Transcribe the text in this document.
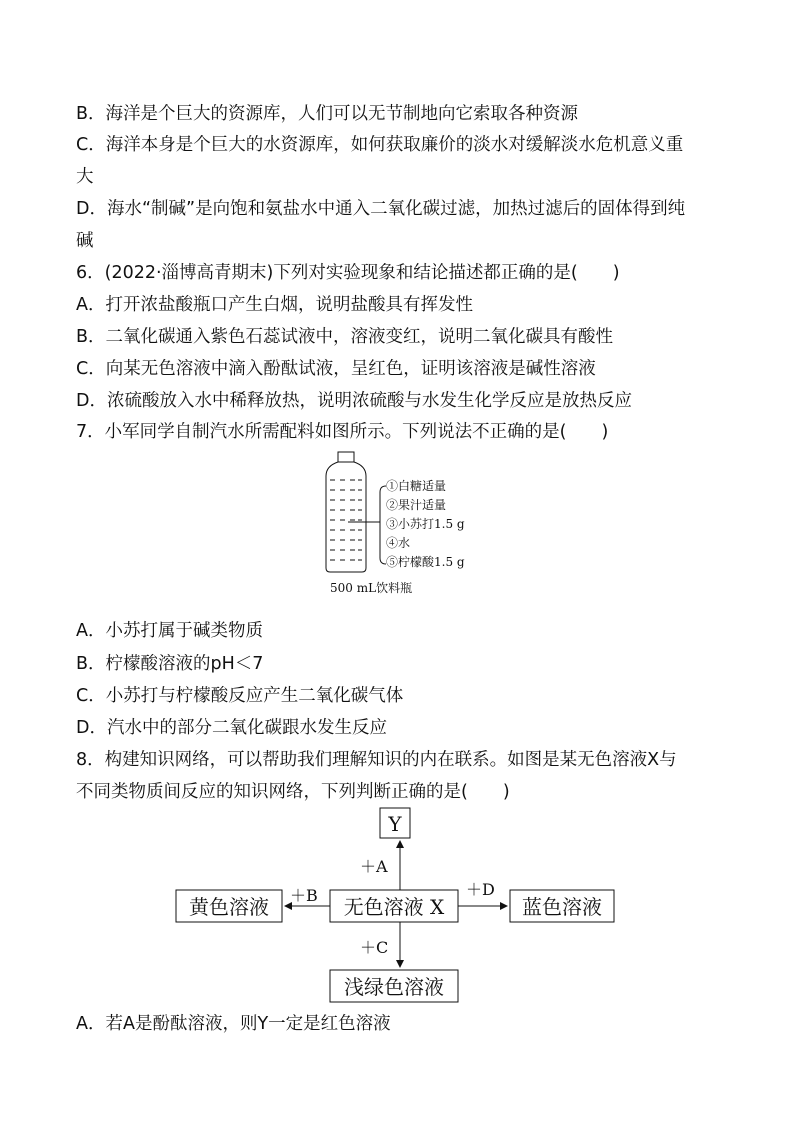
B．海洋是个巨大的资源库，人们可以无节制地向它索取各种资源
C．海洋本身是个巨大的水资源库，如何获取廉价的淡水对缓解淡水危机意义重
大
D．海水“制碱”是向饱和氨盐水中通入二氧化碳过滤，加热过滤后的固体得到纯
碱
6．(2022·淄博高青期末)下列对实验现象和结论描述都正确的是(　　)
A．打开浓盐酸瓶口产生白烟，说明盐酸具有挥发性
B．二氧化碳通入紫色石蕊试液中，溶液变红，说明二氧化碳具有酸性
C．向某无色溶液中滴入酚酞试液，呈红色，证明该溶液是碱性溶液
D．浓硫酸放入水中稀释放热，说明浓硫酸与水发生化学反应是放热反应
7．小军同学自制汽水所需配料如图所示。下列说法不正确的是(　　)
①白糖适量
②果汁适量
③小苏打1.5 g
④水
⑤柠檬酸1.5 g
500 mL饮料瓶
A．小苏打属于碱类物质
B．柠檬酸溶液的pH＜7
C．小苏打与柠檬酸反应产生二氧化碳气体
D．汽水中的部分二氧化碳跟水发生反应
8．构建知识网络，可以帮助我们理解知识的内在联系。如图是某无色溶液X与
不同类物质间反应的知识网络，下列判断正确的是(　　)
Y
无色溶液 X
黄色溶液	蓝色溶液
浅绿色溶液
＋A
＋B	＋D
＋C
A．若A是酚酞溶液，则Y一定是红色溶液
